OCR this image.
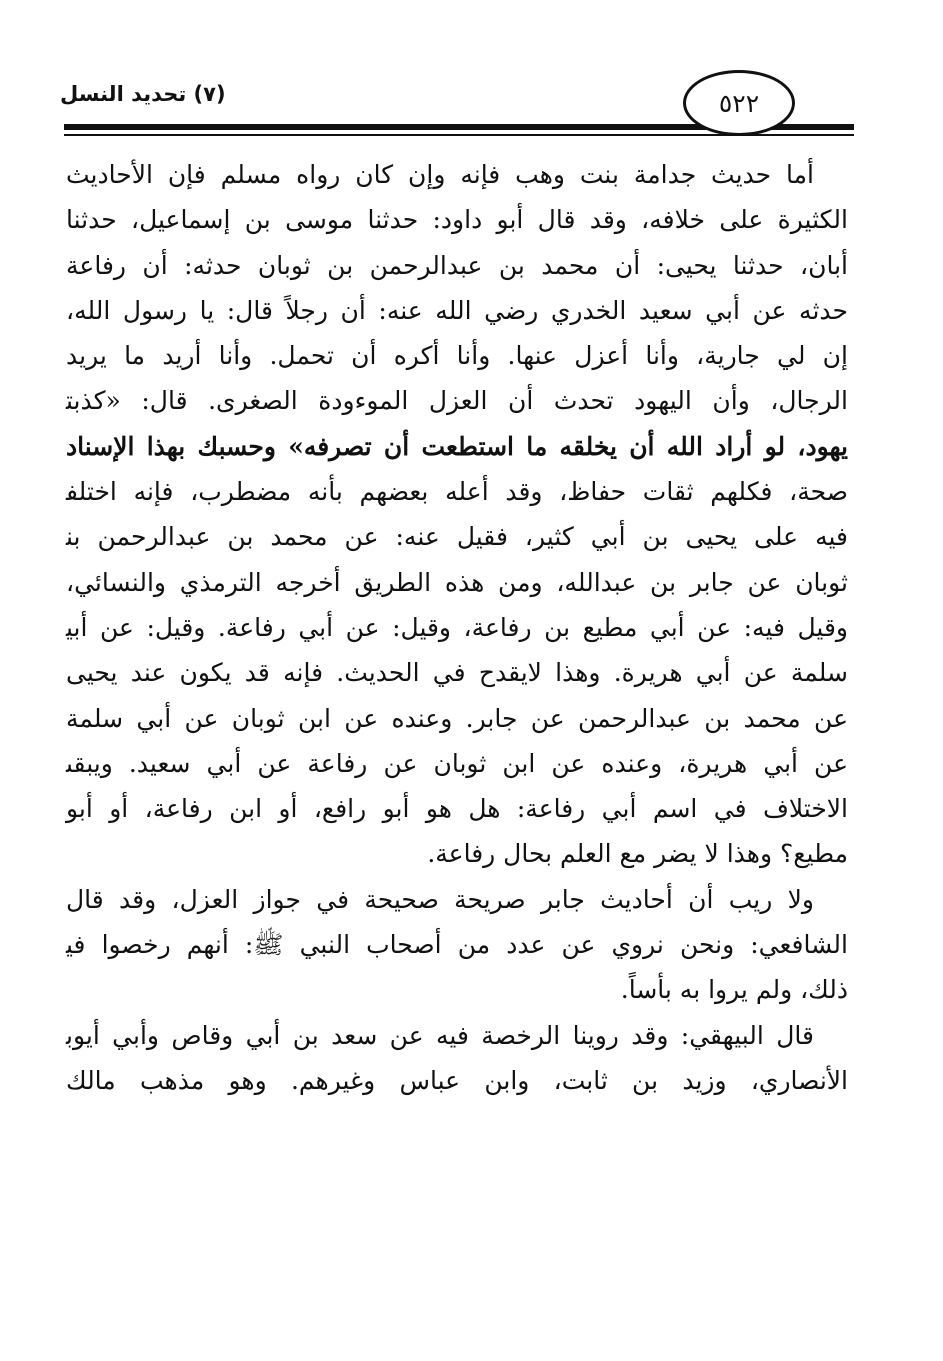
٥٢٢
(٧) تحديد النسل
أما حديث جدامة بنت وهب فإنه وإن كان رواه مسلم فإن الأحاديث
الكثيرة على خلافه، وقد قال أبو داود: حدثنا موسى بن إسماعيل، حدثنا
أبان، حدثنا يحيى: أن محمد بن عبدالرحمن بن ثوبان حدثه: أن رفاعة
حدثه عن أبي سعيد الخدري رضي الله عنه: أن رجلاً قال: يا رسول الله،
إن لي جارية، وأنا أعزل عنها. وأنا أكره أن تحمل. وأنا أريد ما يريد
الرجال، وأن اليهود تحدث أن العزل الموءودة الصغرى. قال: «كذبت
يهود، لو أراد الله أن يخلقه ما استطعت أن تصرفه» وحسبك بهذا الإسناد
صحة، فكلهم ثقات حفاظ، وقد أعله بعضهم بأنه مضطرب، فإنه اختلف
فيه على يحيى بن أبي كثير، فقيل عنه: عن محمد بن عبدالرحمن بن
ثوبان عن جابر بن عبدالله، ومن هذه الطريق أخرجه الترمذي والنسائي،
وقيل فيه: عن أبي مطيع بن رفاعة، وقيل: عن أبي رفاعة. وقيل: عن أبي
سلمة عن أبي هريرة. وهذا لايقدح في الحديث. فإنه قد يكون عند يحيى
عن محمد بن عبدالرحمن عن جابر. وعنده عن ابن ثوبان عن أبي سلمة
عن أبي هريرة، وعنده عن ابن ثوبان عن رفاعة عن أبي سعيد. ويبقى
الاختلاف في اسم أبي رفاعة: هل هو أبو رافع، أو ابن رفاعة، أو أبو
مطيع؟ وهذا لا يضر مع العلم بحال رفاعة.
ولا ريب أن أحاديث جابر صريحة صحيحة في جواز العزل، وقد قال
الشافعي: ونحن نروي عن عدد من أصحاب النبي ﷺ: أنهم رخصوا في
ذلك، ولم يروا به بأساً.
قال البيهقي: وقد روينا الرخصة فيه عن سعد بن أبي وقاص وأبي أيوب
الأنصاري، وزيد بن ثابت، وابن عباس وغيرهم. وهو مذهب مالك
